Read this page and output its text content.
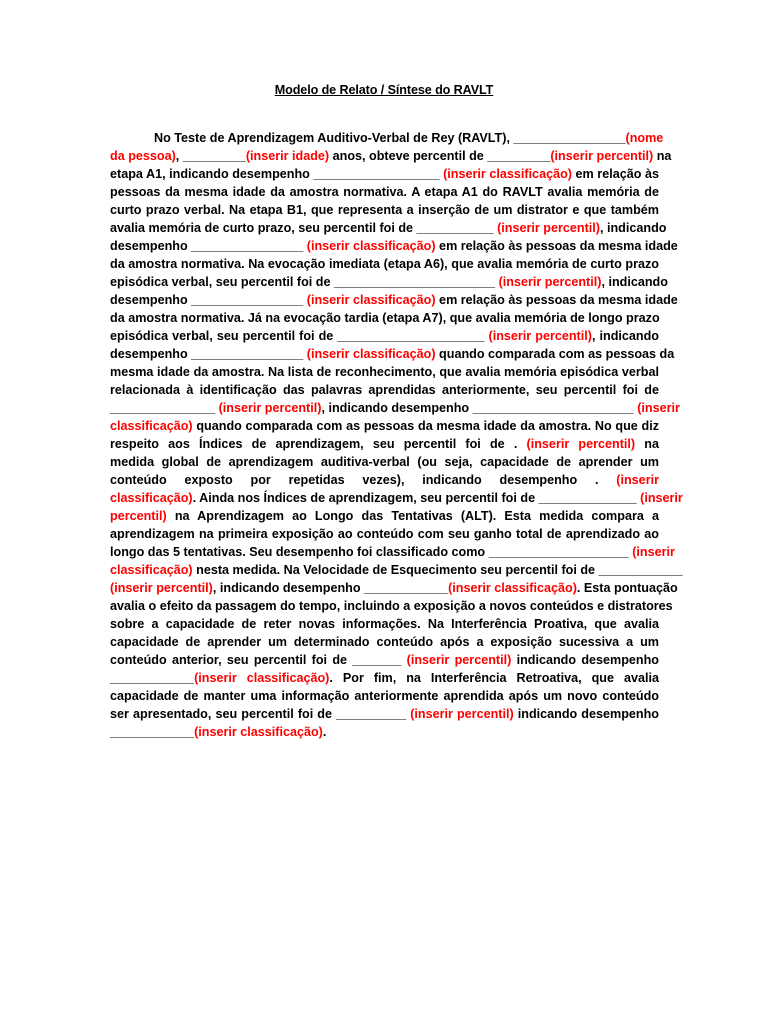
Modelo de Relato / Síntese do RAVLT
No Teste de Aprendizagem Auditivo-Verbal de Rey (RAVLT), ________________(nome
da pessoa), _________(inserir idade) anos, obteve percentil de _________(inserir percentil) na
etapa A1, indicando desempenho __________________ (inserir classificação) em relação às
pessoas da mesma idade da amostra normativa. A etapa A1 do RAVLT avalia memória de
curto prazo verbal. Na etapa B1, que representa a inserção de um distrator e que também
avalia memória de curto prazo, seu percentil foi de ___________ (inserir percentil), indicando
desempenho ________________ (inserir classificação) em relação às pessoas da mesma idade
da amostra normativa. Na evocação imediata (etapa A6), que avalia memória de curto prazo
episódica verbal, seu percentil foi de _______________________ (inserir percentil), indicando
desempenho ________________ (inserir classificação) em relação às pessoas da mesma idade
da amostra normativa. Já na evocação tardia (etapa A7), que avalia memória de longo prazo
episódica verbal, seu percentil foi de _____________________ (inserir percentil), indicando
desempenho ________________ (inserir classificação) quando comparada com as pessoas da
mesma idade da amostra. Na lista de reconhecimento, que avalia memória episódica verbal
relacionada à identificação das palavras aprendidas anteriormente, seu percentil foi de
_______________ (inserir percentil), indicando desempenho _______________________ (inserir
classificação) quando comparada com as pessoas da mesma idade da amostra. No que diz
respeito aos Índices de aprendizagem, seu percentil foi de . (inserir percentil) na
medida global de aprendizagem auditiva-verbal (ou seja, capacidade de aprender um
conteúdo exposto por repetidas vezes), indicando desempenho . (inserir
classificação). Ainda nos Índices de aprendizagem, seu percentil foi de ______________ (inserir
percentil) na Aprendizagem ao Longo das Tentativas (ALT). Esta medida compara a
aprendizagem na primeira exposição ao conteúdo com seu ganho total de aprendizado ao
longo das 5 tentativas. Seu desempenho foi classificado como ____________________ (inserir
classificação) nesta medida. Na Velocidade de Esquecimento seu percentil foi de ____________
(inserir percentil), indicando desempenho ____________(inserir classificação). Esta pontuação
avalia o efeito da passagem do tempo, incluindo a exposição a novos conteúdos e distratores
sobre a capacidade de reter novas informações. Na Interferência Proativa, que avalia
capacidade de aprender um determinado conteúdo após a exposição sucessiva a um
conteúdo anterior, seu percentil foi de _______ (inserir percentil) indicando desempenho
____________(inserir classificação). Por fim, na Interferência Retroativa, que avalia
capacidade de manter uma informação anteriormente aprendida após um novo conteúdo
ser apresentado, seu percentil foi de __________ (inserir percentil) indicando desempenho
____________(inserir classificação).
